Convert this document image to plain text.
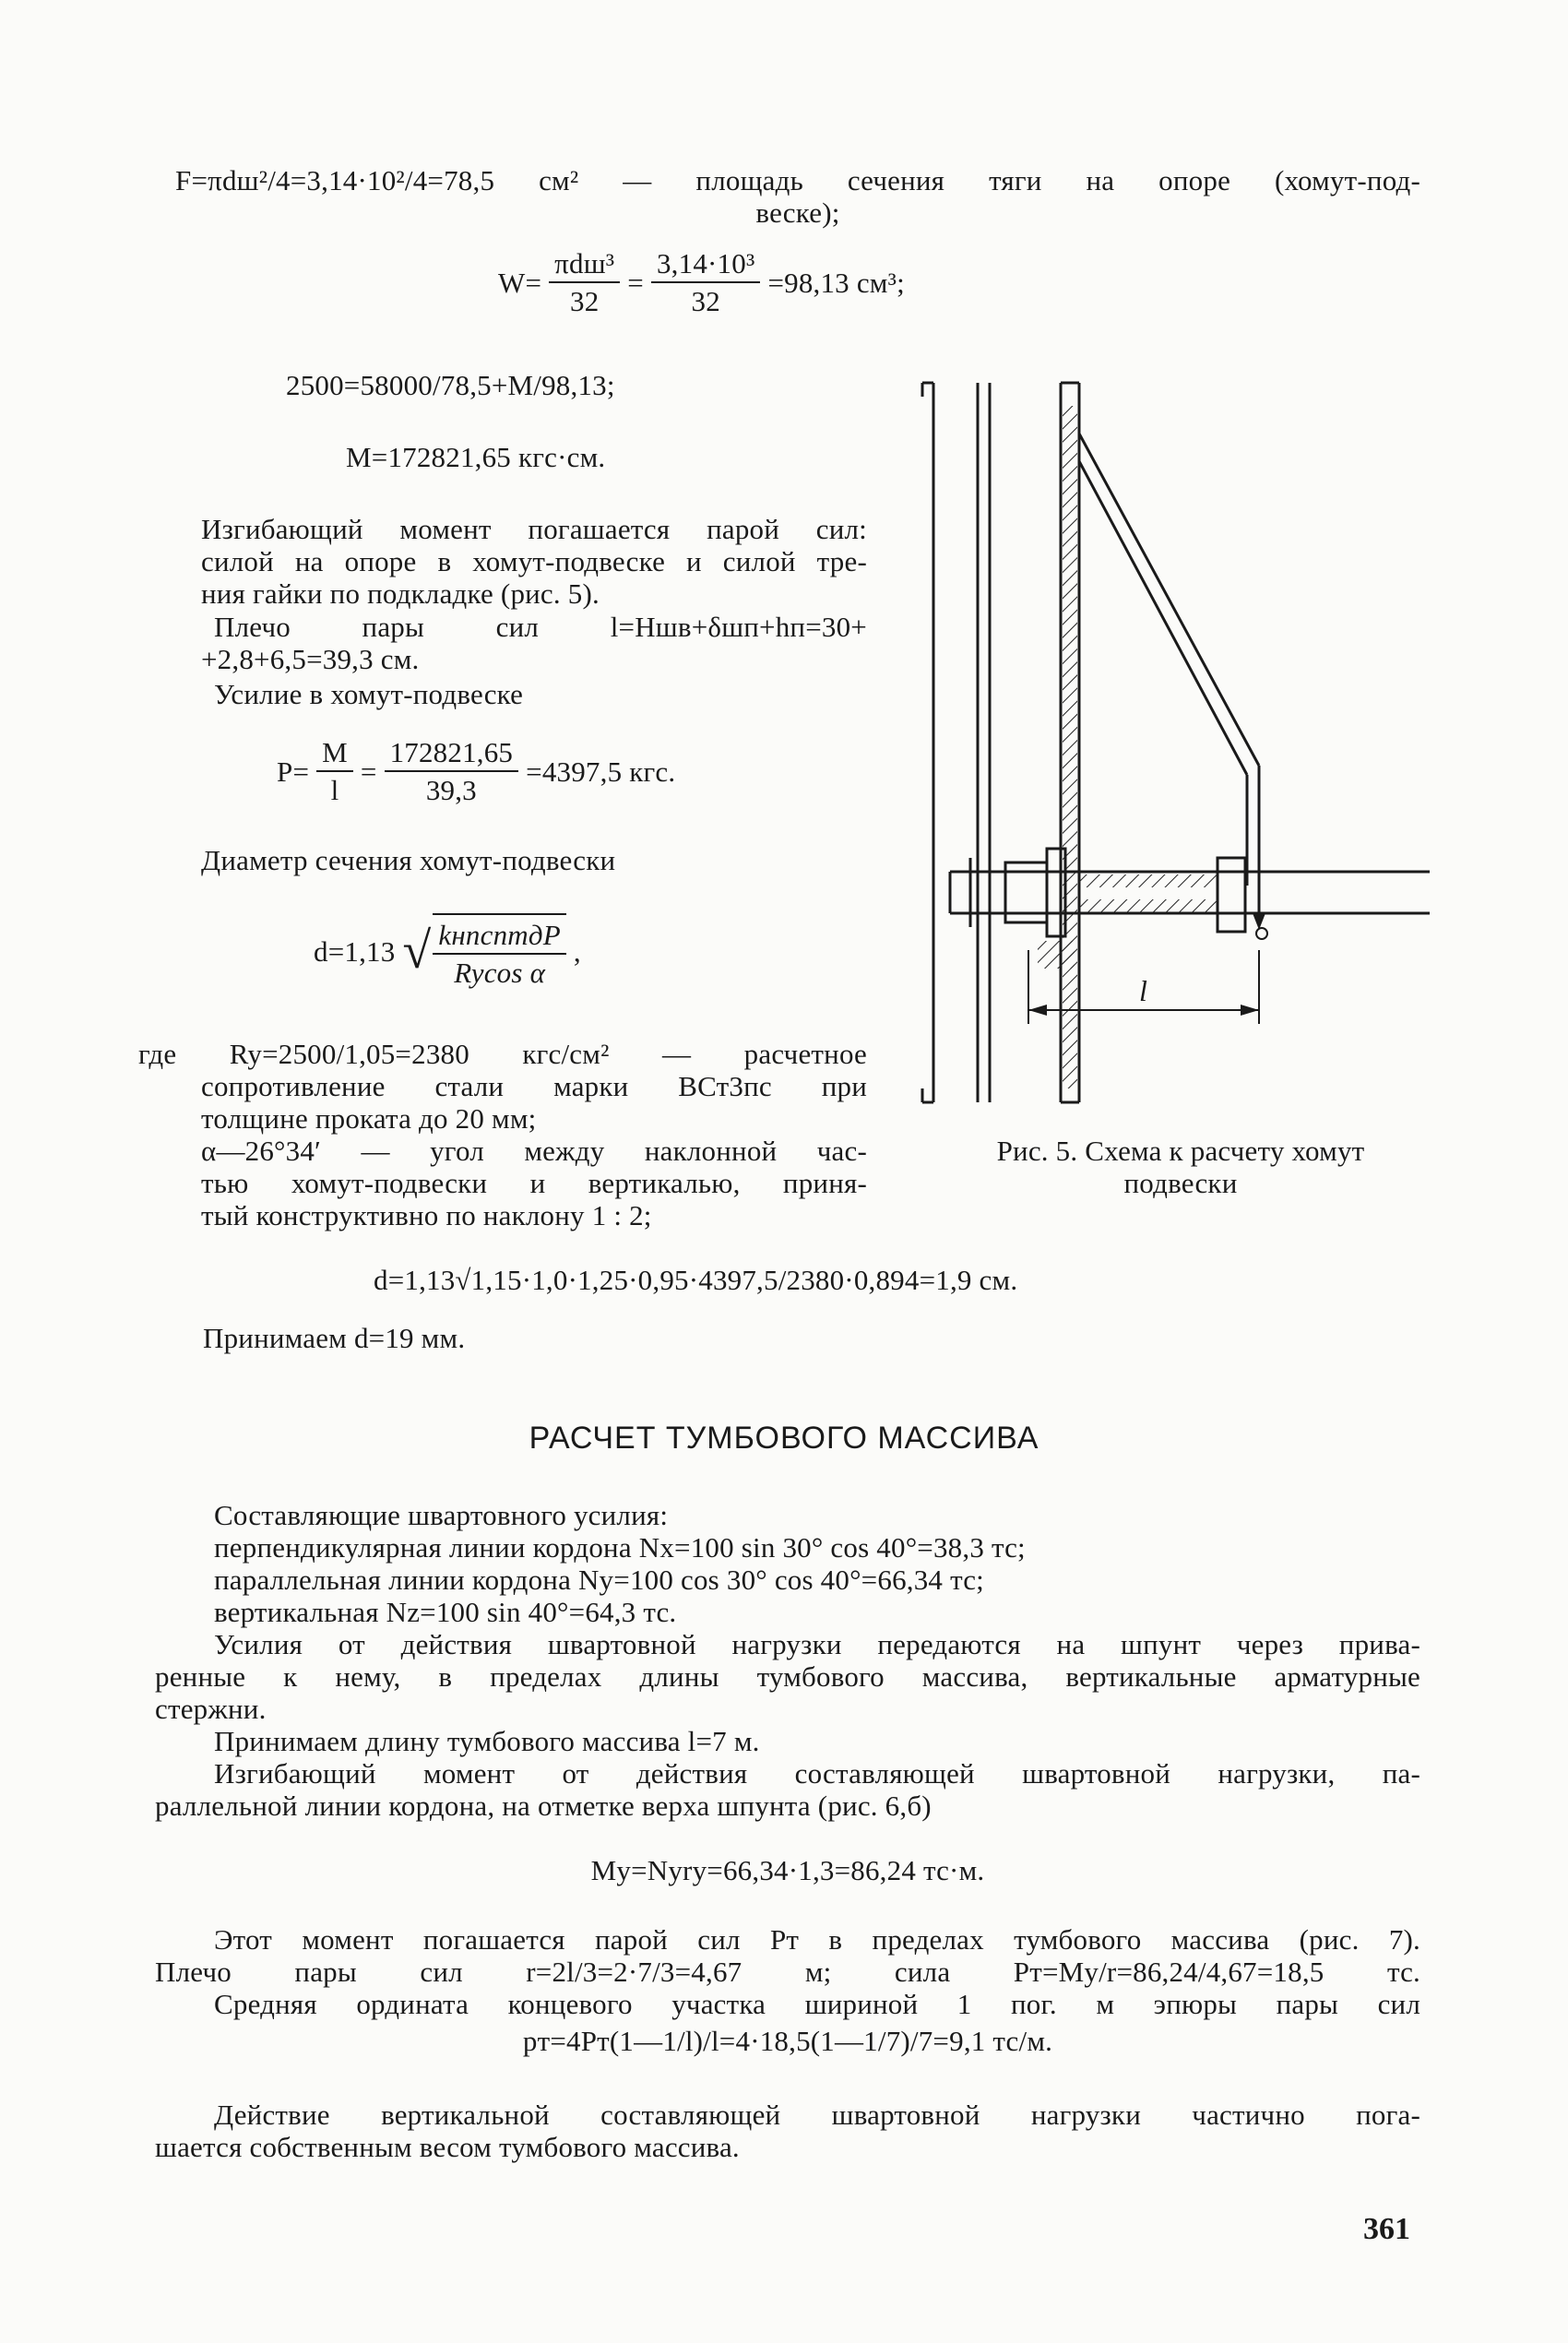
F=πdш²/4=3,14·10²/4=78,5 см² — площадь сечения тяги на опоре (хомут-под-
веске);
W=
πdш³
32
= $\frac{\text{3,14·10³}}{32} =98,13$ см³;
2500=58000/78,5+M/98,13;
M=172821,65 кгс·см.
Изгибающий момент погашается парой сил:
силой на опоре в хомут-подвеске и силой тре-
ния гайки по подкладке (рис. 5).
Плечо пары сил l=Hшв+δшп+hп=30+
+2,8+6,5=39,3 см.
Усилие в хомут-подвеске
$P= \frac{M}{l} = \frac{172821,65}{39,3} =4397,5$ кгс.
Диаметр сечения хомут-подвески
d=1,13 √ kнnсnmдP
Rycos α
,
где Ry=2500/1,05=2380 кгс/см² — расчетное
сопротивление стали марки ВСт3пс при
толщине проката до 20 мм;
α—26°34′ — угол между наклонной час-
тью хомут-подвески и вертикалью, приня-
тый конструктивно по наклону 1 : 2;
l
Рис. 5. Схема к расчету хомут
подвески
d=1,13√1,15·1,0·1,25·0,95·4397,5/2380·0,894=1,9 см.
Принимаем d=19 мм.
РАСЧЕТ ТУМБОВОГО МАССИВА
Составляющие швартовного усилия:
перпендикулярная линии кордона Nx=100 sin 30° cos 40°=38,3 тс;
параллельная линии кордона Ny=100 cos 30° cos 40°=66,34 тс;
вертикальная Nz=100 sin 40°=64,3 тс.
Усилия от действия швартовной нагрузки передаются на шпунт через прива-
ренные к нему, в пределах длины тумбового массива, вертикальные арматурные
стержни.
Принимаем длину тумбового массива l=7 м.
Изгибающий момент от действия составляющей швартовной нагрузки, па-
раллельной линии кордона, на отметке верха шпунта (рис. 6,б)
My=Nyry=66,34·1,3=86,24 тс·м.
Этот момент погашается парой сил Pт в пределах тумбового массива (рис. 7).
Плечо пары сил r=2l/3=2·7/3=4,67 м; сила Pт=My/r=86,24/4,67=18,5 тс.
Средняя ордината концевого участка шириной 1 пог. м эпюры пары сил
pт=4Pт(1—1/l)/l=4·18,5(1—1/7)/7=9,1 тс/м.
Действие вертикальной составляющей швартовной нагрузки частично пога-
шается собственным весом тумбового массива.
361
